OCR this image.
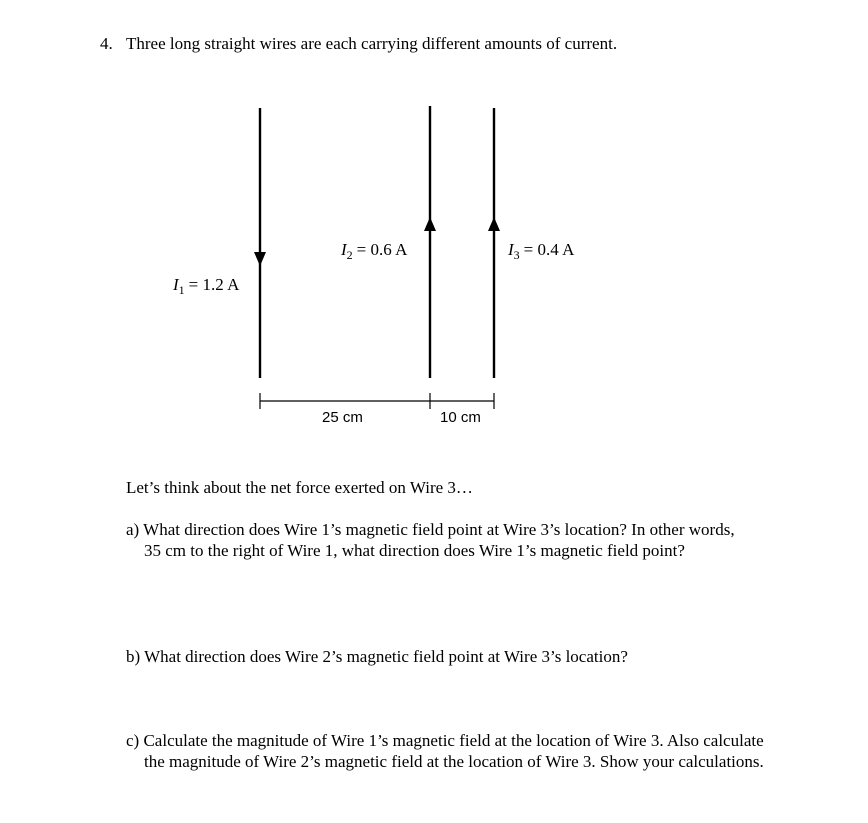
4. Three long straight wires are each carrying different amounts of current.
$I_1 = 1.2$ A
$I_2 = 0.6$ A	$I_3 = 0.4$ A
25 cm	10 cm
Let’s think about the net force exerted on Wire 3…
a) What direction does Wire 1’s magnetic field point at Wire 3’s location? In other words,
35 cm to the right of Wire 1, what direction does Wire 1’s magnetic field point?
b) What direction does Wire 2’s magnetic field point at Wire 3’s location?
c) Calculate the magnitude of Wire 1’s magnetic field at the location of Wire 3. Also calculate
the magnitude of Wire 2’s magnetic field at the location of Wire 3. Show your calculations.
